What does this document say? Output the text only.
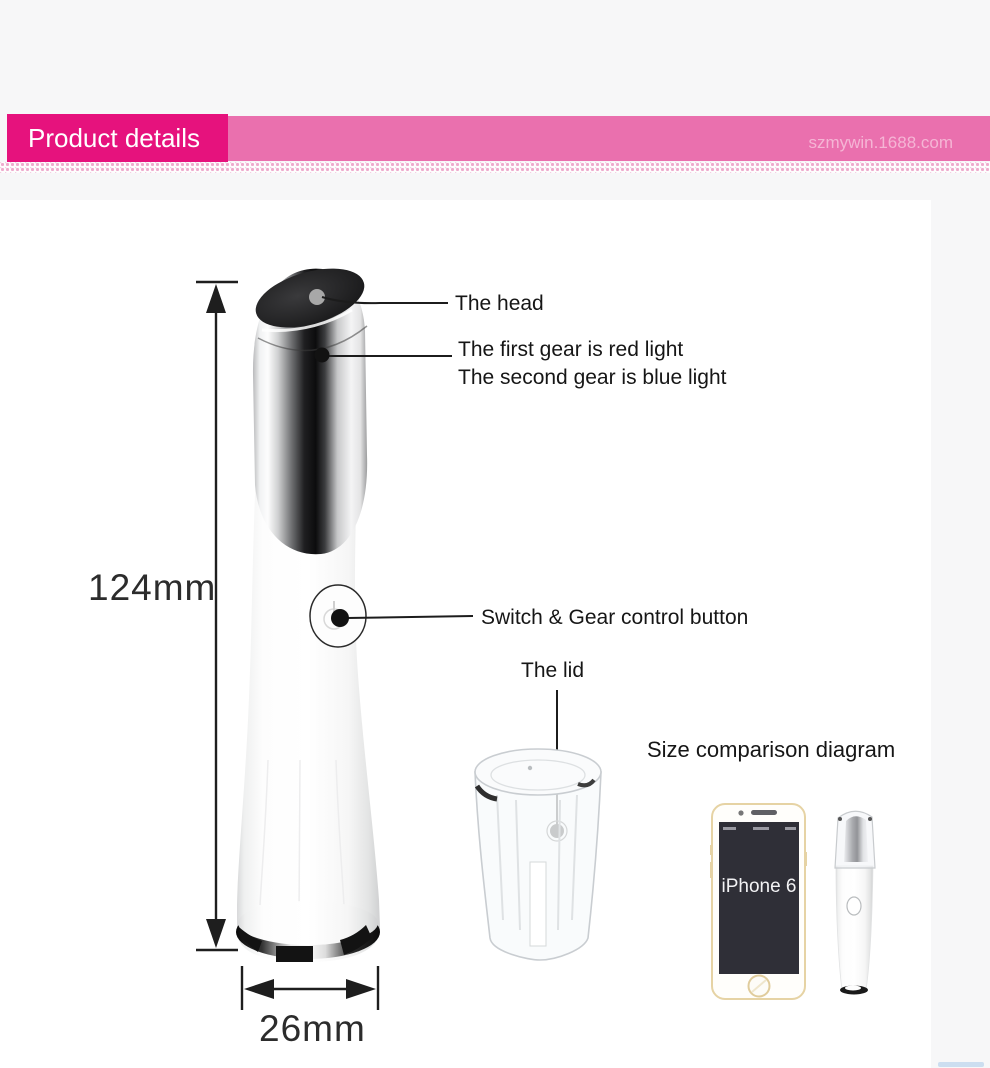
Product details	szmywin.1688.com
The head
The first gear is red light
The second gear is blue light
Switch & Gear control button
The lid
Size comparison diagram
124mm
26mm
iPhone 6
